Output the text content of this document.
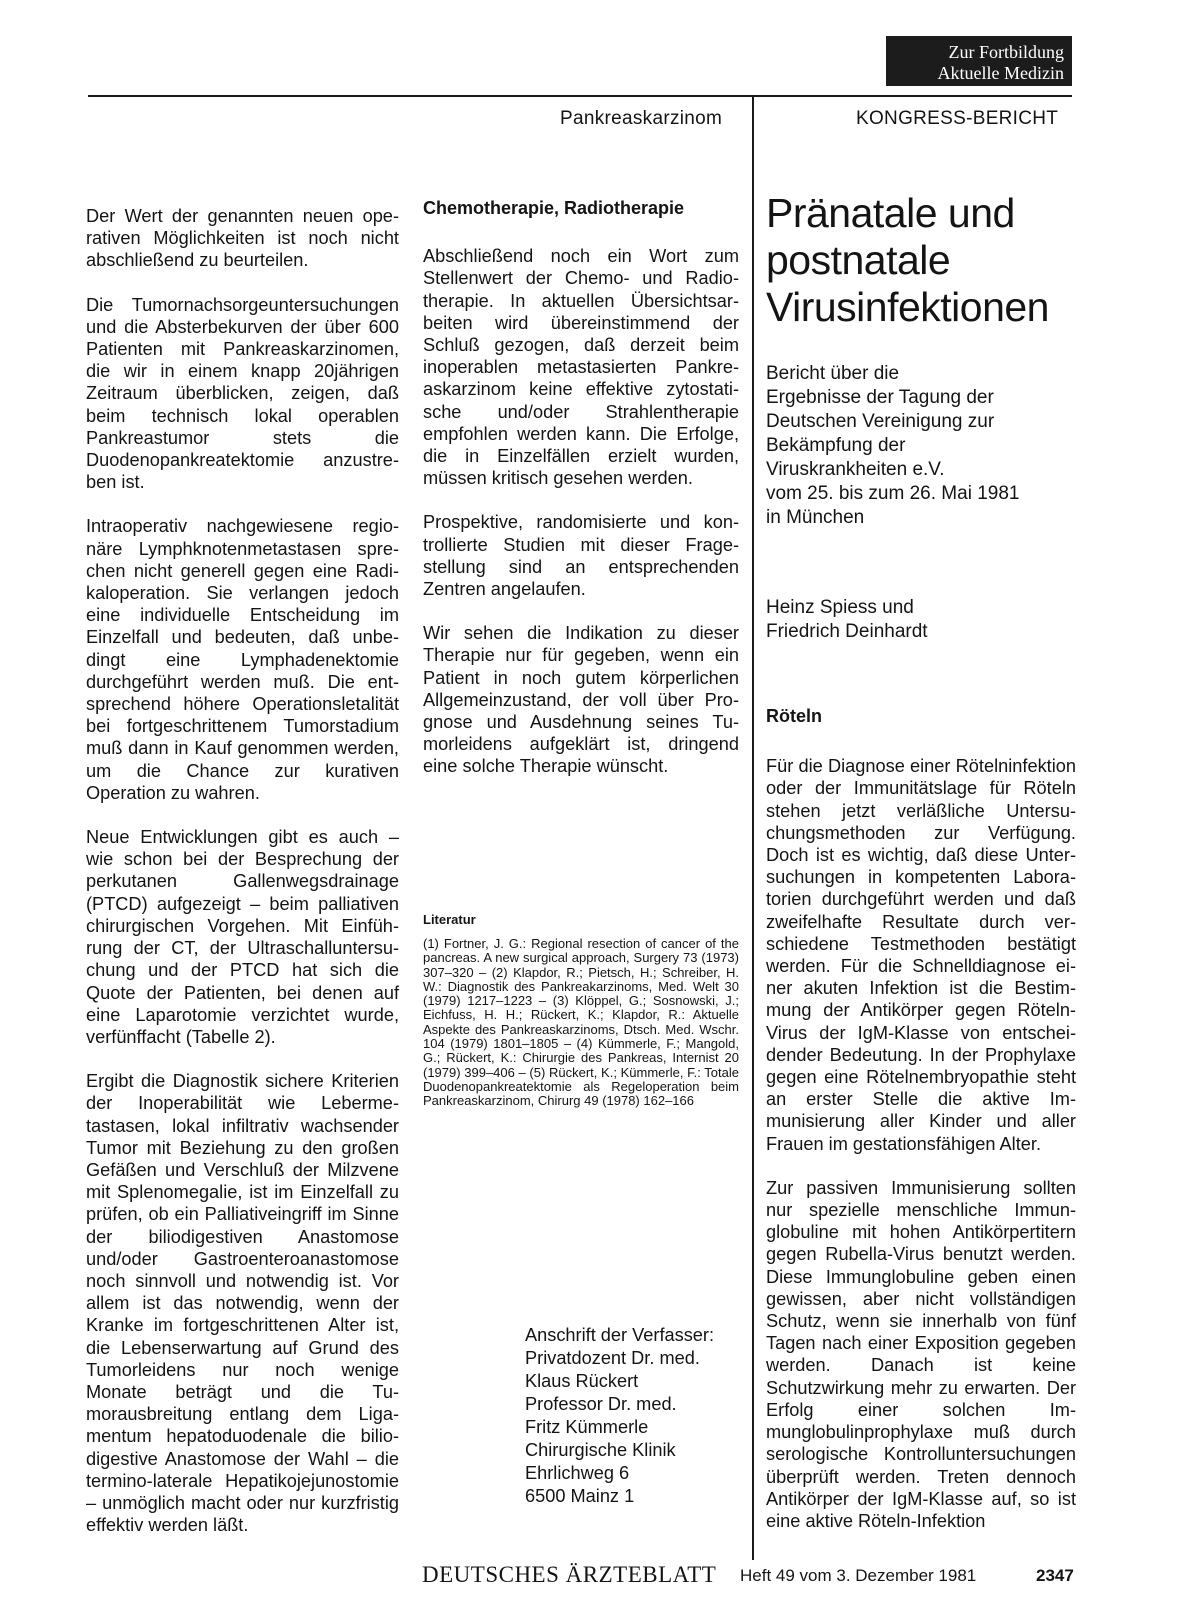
Zur Fortbildung
Aktuelle Medizin
Pankreaskarzinom	KONGRESS-BERICHT

Der Wert der genannten neuen operativen Möglichkeiten ist noch nicht abschließend zu beurteilen.

Die Tumornachsorgeuntersuchungen und die Absterbekurven der über 600 Patienten mit Pankreaskarzinomen, die wir in einem knapp 20jährigen Zeitraum überblicken, zeigen, daß beim technisch lokal operablen Pankreastumor stets die Duodenopankreatektomie anzustreben ist.

Intraoperativ nachgewiesene regionäre Lymphknotenmetastasen sprechen nicht generell gegen eine Radikaloperation. Sie verlangen jedoch eine individuelle Entscheidung im Einzelfall und bedeuten, daß unbedingt eine Lymphadenektomie durchgeführt werden muß. Die entsprechend höhere Operationsletalität bei fortgeschrittenem Tumorstadium muß dann in Kauf genommen werden, um die Chance zur kurativen Operation zu wahren.

Neue Entwicklungen gibt es auch – wie schon bei der Besprechung der perkutanen Gallenwegsdrainage (PTCD) aufgezeigt – beim palliativen chirurgischen Vorgehen. Mit Einführung der CT, der Ultraschalluntersuchung und der PTCD hat sich die Quote der Patienten, bei denen auf eine Laparotomie verzichtet wurde, verfünffacht (Tabelle 2).

Ergibt die Diagnostik sichere Kriterien der Inoperabilität wie Lebermetastasen, lokal infiltrativ wachsender Tumor mit Beziehung zu den großen Gefäßen und Verschluß der Milzvene mit Splenomegalie, ist im Einzelfall zu prüfen, ob ein Palliativeingriff im Sinne der biliodigestiven Anastomose und/oder Gastroenteroanastomose noch sinnvoll und notwendig ist. Vor allem ist das notwendig, wenn der Kranke im fortgeschrittenen Alter ist, die Lebenserwartung auf Grund des Tumorleidens nur noch wenige Monate beträgt und die Tumorausbreitung entlang dem Ligamentum hepatoduodenale die biliodigestive Anastomose der Wahl – die termino-laterale Hepatikojejunostomie – unmöglich macht oder nur kurzfristig effektiv werden läßt.

Chemotherapie, Radiotherapie

Abschließend noch ein Wort zum Stellenwert der Chemo- und Radiotherapie. In aktuellen Übersichtsarbeiten wird übereinstimmend der Schluß gezogen, daß derzeit beim inoperablen metastasierten Pankreaskarzinom keine effektive zytostatische und/oder Strahlentherapie empfohlen werden kann. Die Erfolge, die in Einzelfällen erzielt wurden, müssen kritisch gesehen werden.

Prospektive, randomisierte und kontrollierte Studien mit dieser Fragestellung sind an entsprechenden Zentren angelaufen.

Wir sehen die Indikation zu dieser Therapie nur für gegeben, wenn ein Patient in noch gutem körperlichen Allgemeinzustand, der voll über Prognose und Ausdehnung seines Tumorleidens aufgeklärt ist, dringend eine solche Therapie wünscht.

Literatur

(1) Fortner, J. G.: Regional resection of cancer of the pancreas. A new surgical approach, Surgery 73 (1973) 307–320 – (2) Klapdor, R.; Pietsch, H.; Schreiber, H. W.: Diagnostik des Pankreakarzinoms, Med. Welt 30 (1979) 1217–1223 – (3) Klöppel, G.; Sosnowski, J.; Eichfuss, H. H.; Rückert, K.; Klapdor, R.: Aktuelle Aspekte des Pankreaskarzinoms, Dtsch. Med. Wschr. 104 (1979) 1801–1805 – (4) Kümmerle, F.; Mangold, G.; Rückert, K.: Chirurgie des Pankreas, Internist 20 (1979) 399–406 – (5) Rückert, K.; Kümmerle, F.: Totale Duodenopankreatektomie als Regeloperation beim Pankreaskarzinom, Chirurg 49 (1978) 162–166

Anschrift der Verfasser:
Privatdozent Dr. med.
Klaus Rückert
Professor Dr. med.
Fritz Kümmerle
Chirurgische Klinik
Ehrlichweg 6
6500 Mainz 1
Pränatale und
postnatale
Virusinfektionen
Bericht über die
Ergebnisse der Tagung der
Deutschen Vereinigung zur
Bekämpfung der
Viruskrankheiten e.V.
vom 25. bis zum 26. Mai 1981
in München
Heinz Spiess und
Friedrich Deinhardt
Röteln

Für die Diagnose einer Rötelninfektion oder der Immunitätslage für Röteln stehen jetzt verläßliche Untersuchungsmethoden zur Verfügung. Doch ist es wichtig, daß diese Untersuchungen in kompetenten Laboratorien durchgeführt werden und daß zweifelhafte Resultate durch verschiedene Testmethoden bestätigt werden. Für die Schnelldiagnose einer akuten Infektion ist die Bestimmung der Antikörper gegen Röteln-Virus der IgM-Klasse von entscheidender Bedeutung. In der Prophylaxe gegen eine Rötelnembryopathie steht an erster Stelle die aktive Immunisierung aller Kinder und aller Frauen im gestationsfähigen Alter.

Zur passiven Immunisierung sollten nur spezielle menschliche Immunglobuline mit hohen Antikörpertitern gegen Rubella-Virus benutzt werden. Diese Immunglobuline geben einen gewissen, aber nicht vollständigen Schutz, wenn sie innerhalb von fünf Tagen nach einer Exposition gegeben werden. Danach ist keine Schutzwirkung mehr zu erwarten. Der Erfolg einer solchen Immunglobulinprophylaxe muß durch serologische Kontrolluntersuchungen überprüft werden. Treten dennoch Antikörper der IgM-Klasse auf, so ist eine aktive Röteln-Infektion

DEUTSCHES ÄRZTEBLATT Heft 49 vom 3. Dezember 1981	2347
